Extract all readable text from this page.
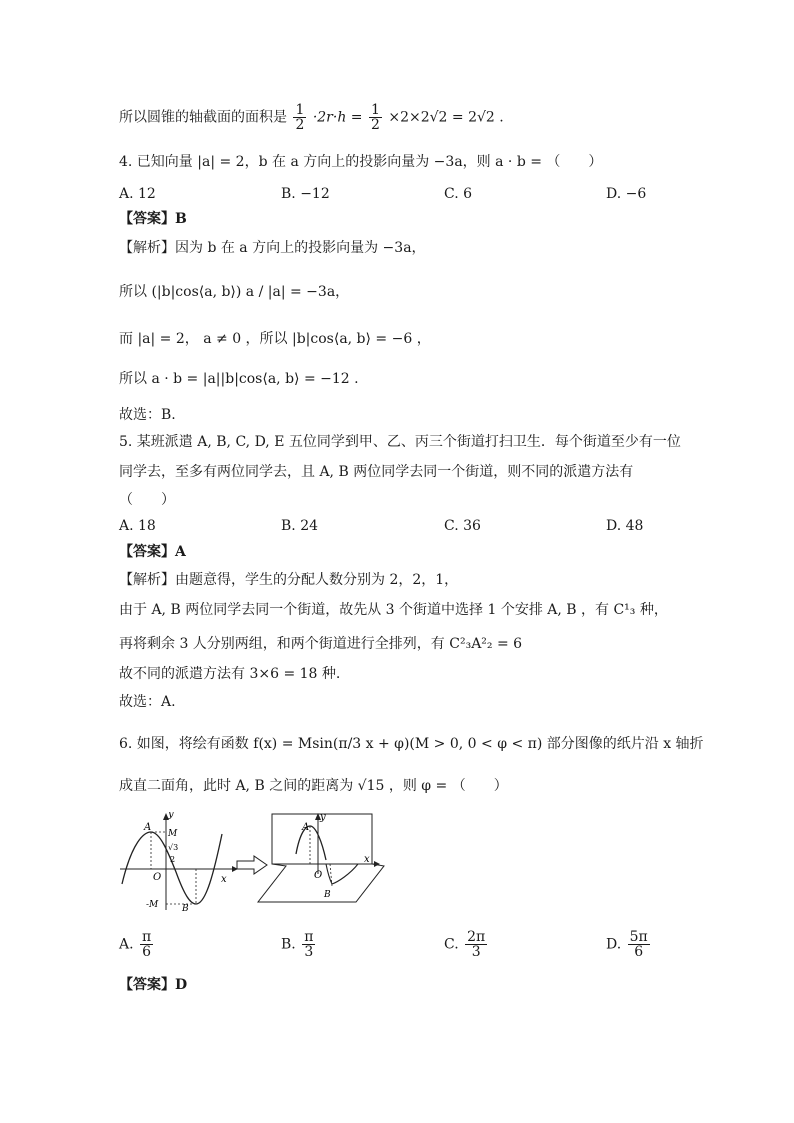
所以圆锥的轴截面的面积是 $\frac{1}{2} \cdot 2r\cdot h = \frac{1}{2} \times 2\times 2√2 = 2√2$ .
4. 已知向量 |a| = 2，b 在 a 方向上的投影向量为 −3a，则 a · b = （　　）
A. 12	B. −12	C. 6	D. −6
【答案】B
【解析】因为 b 在 a 方向上的投影向量为 −3a，
所以 (|b|cos⟨a, b⟩) a / |a| = −3a，
而 |a| = 2， a ≠ 0 ，所以 |b|cos⟨a, b⟩ = −6 ，
所以 a · b = |a||b|cos⟨a, b⟩ = −12 .
故选：B.
5. 某班派遣 A, B, C, D, E 五位同学到甲、乙、丙三个街道打扫卫生．每个街道至少有一位
同学去，至多有两位同学去，且 A, B 两位同学去同一个街道，则不同的派遣方法有
（　　）
A. 18	B. 24	C. 36	D. 48
【答案】A
【解析】由题意得，学生的分配人数分别为 2，2，1，
由于 A, B 两位同学去同一个街道，故先从 3 个街道中选择 1 个安排 A, B ，有 C¹₃ 种，
再将剩余 3 人分别两组，和两个街道进行全排列，有 C²₃A²₂ = 6
故不同的派遣方法有 3×6 = 18 种.
故选：A.
6. 如图，将绘有函数 f(x) = Msin(π/3 x + φ)(M > 0, 0 < φ < π) 部分图像的纸片沿 x 轴折
成直二面角，此时 A, B 之间的距离为 √15 ，则 φ = （　　）
y
x
A
M
√3
2
O
-M	B
y
x
A
O
B
A. $\frac{\pi}{6}$	B. $\frac{\pi}{3}$	C. $\frac{2\pi}{3}$	D. $\frac{5\pi}{6}$
【答案】D
